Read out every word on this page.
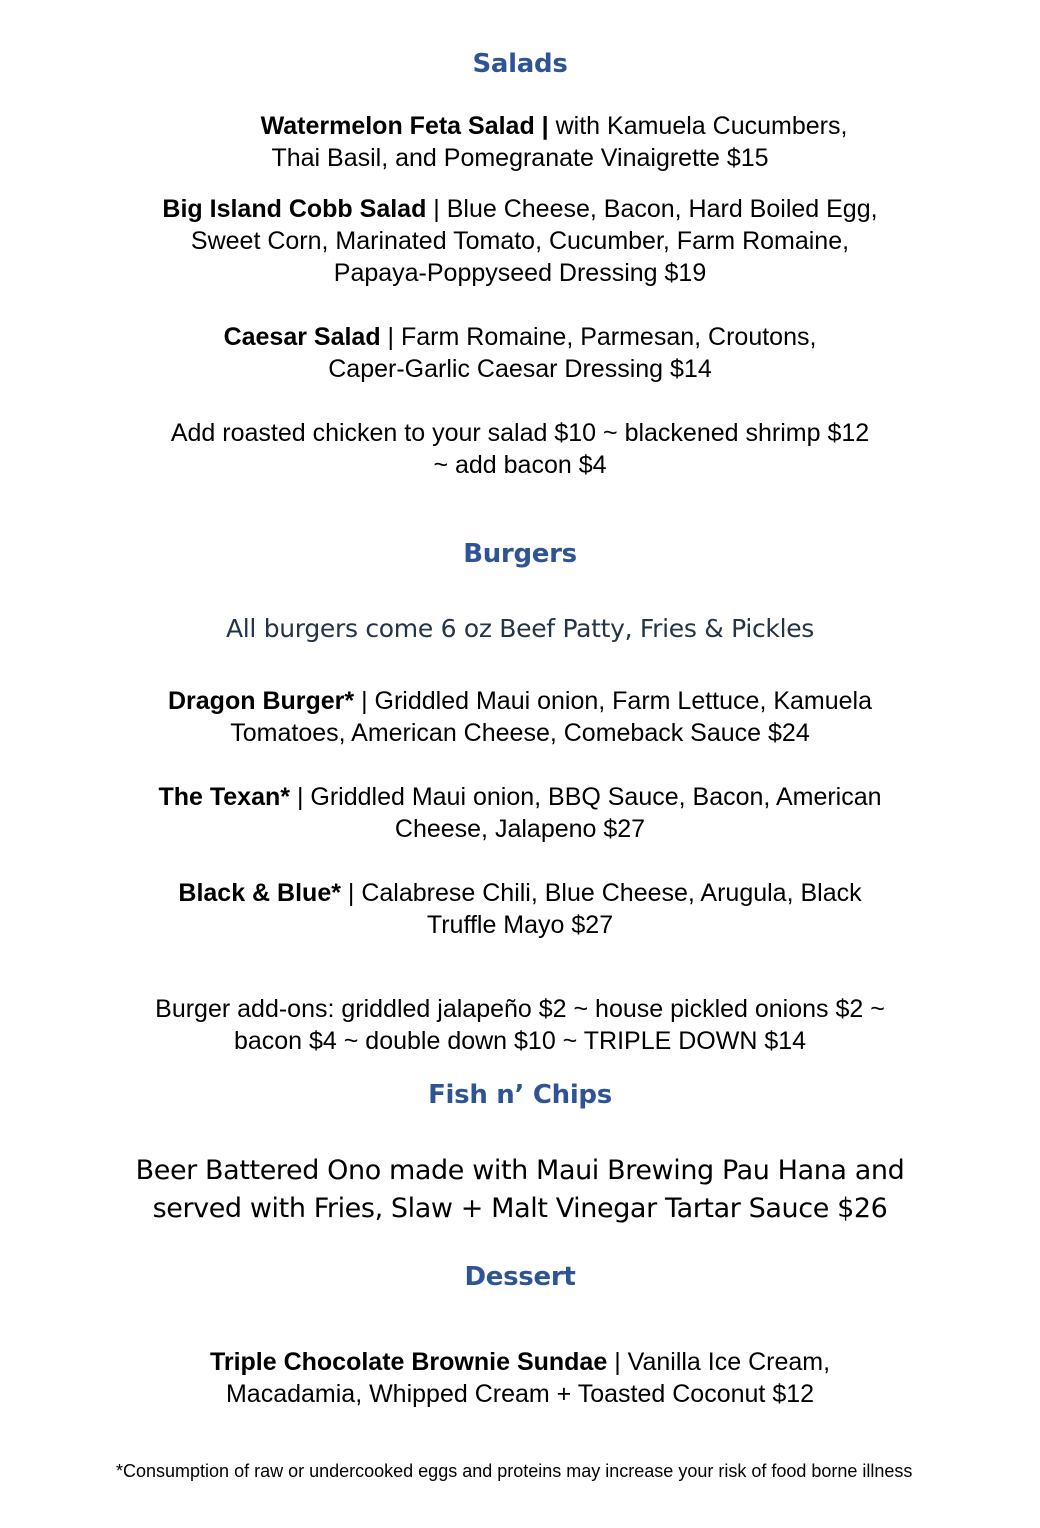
Salads
Watermelon Feta Salad | with Kamuela Cucumbers,
Thai Basil, and Pomegranate Vinaigrette $15
Big Island Cobb Salad | Blue Cheese, Bacon, Hard Boiled Egg,
Sweet Corn, Marinated Tomato, Cucumber, Farm Romaine,
Papaya-Poppyseed Dressing $19
Caesar Salad | Farm Romaine, Parmesan, Croutons,
Caper-Garlic Caesar Dressing $14
Add roasted chicken to your salad $10 ~ blackened shrimp $12
~ add bacon $4
Burgers
All burgers come 6 oz Beef Patty, Fries & Pickles
Dragon Burger* | Griddled Maui onion, Farm Lettuce, Kamuela
Tomatoes, American Cheese, Comeback Sauce $24
The Texan* | Griddled Maui onion, BBQ Sauce, Bacon, American
Cheese, Jalapeno $27
Black & Blue* | Calabrese Chili, Blue Cheese, Arugula, Black
Truffle Mayo $27
Burger add-ons: griddled jalapeño $2 ~ house pickled onions $2 ~
bacon $4 ~ double down $10 ~ TRIPLE DOWN $14
Fish n’ Chips
Beer Battered Ono made with Maui Brewing Pau Hana and
served with Fries, Slaw + Malt Vinegar Tartar Sauce $26
Dessert
Triple Chocolate Brownie Sundae | Vanilla Ice Cream,
Macadamia, Whipped Cream + Toasted Coconut $12
*Consumption of raw or undercooked eggs and proteins may increase your risk of food borne illness
